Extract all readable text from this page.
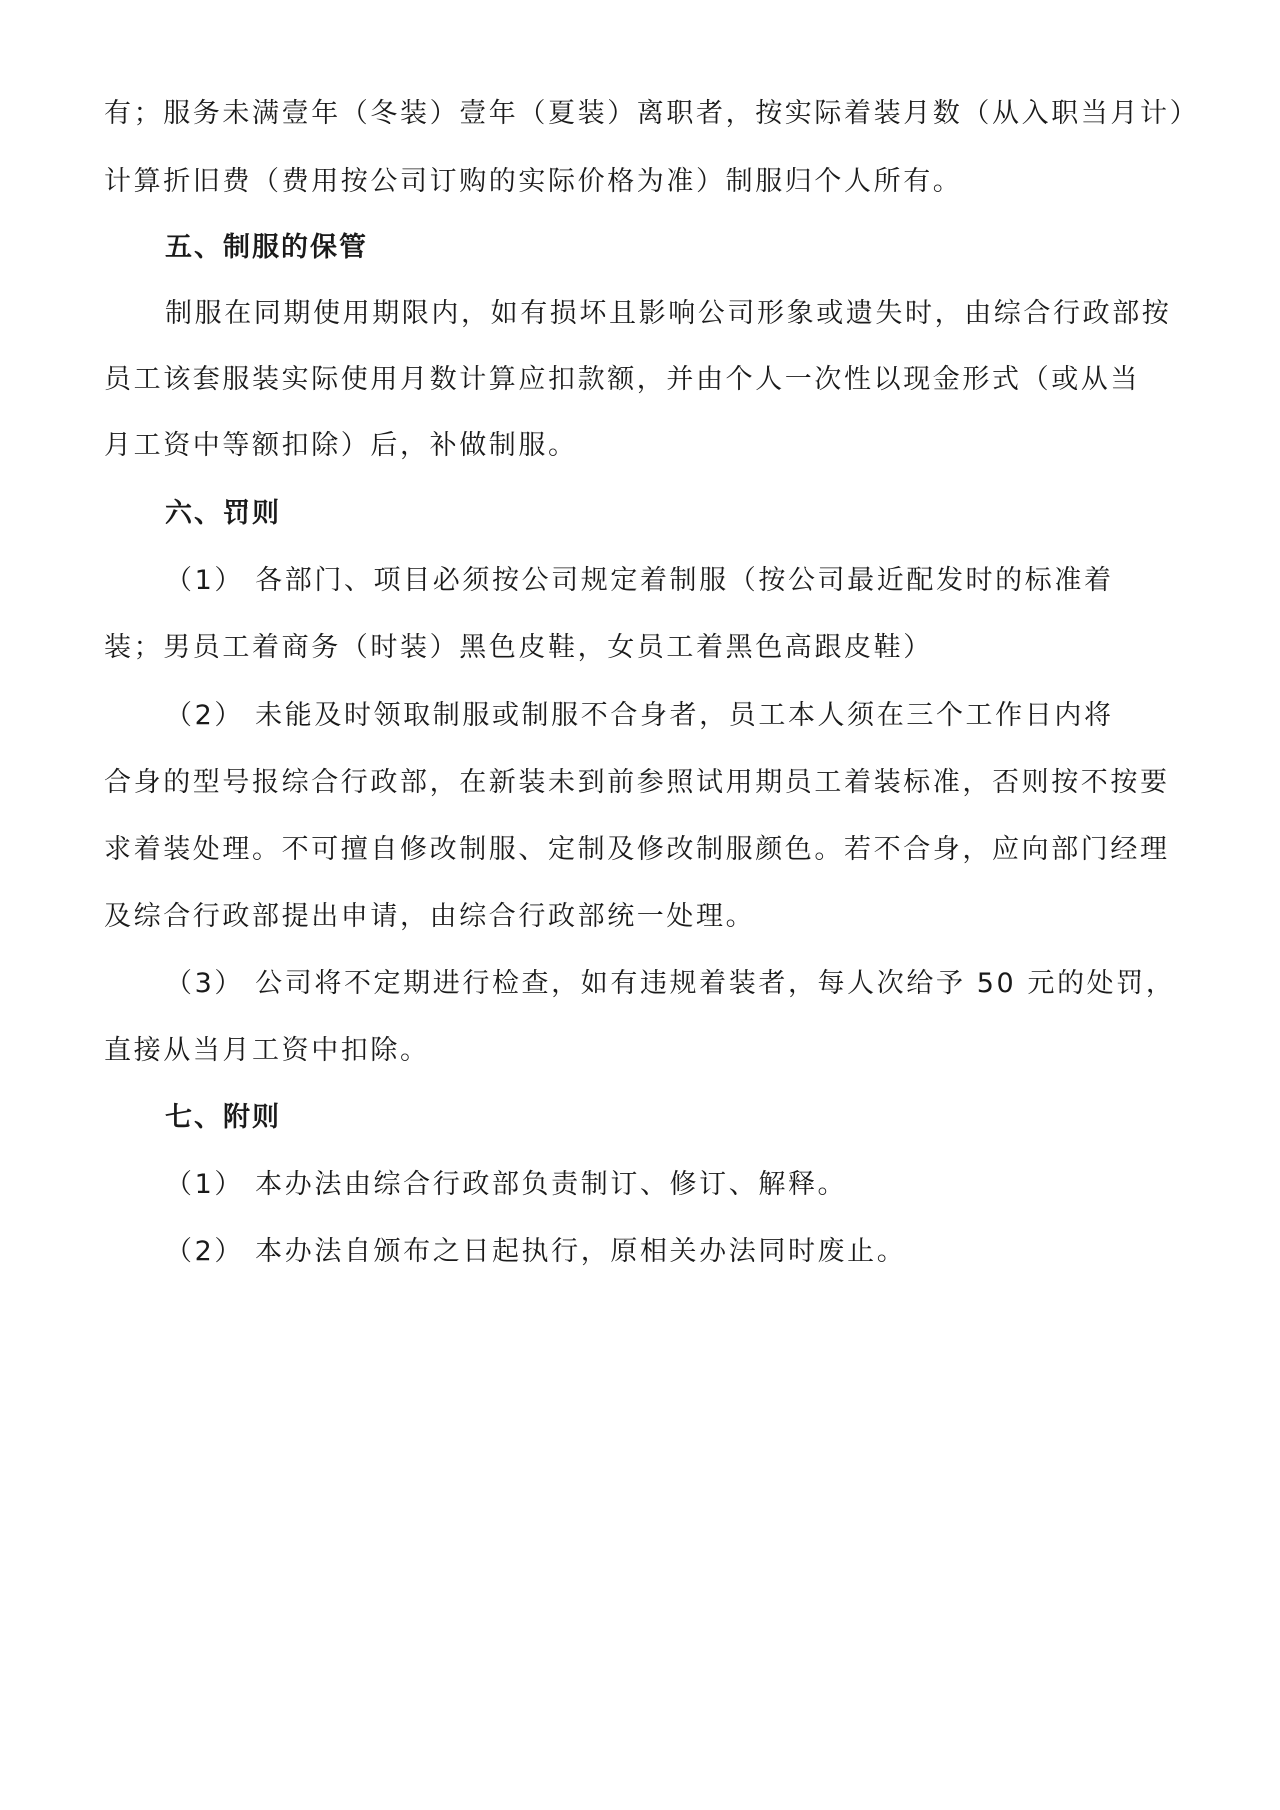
有；服务未满壹年（冬装）壹年（夏装）离职者，按实际着装月数（从入职当月计）
计算折旧费（费用按公司订购的实际价格为准）制服归个人所有。
五、制服的保管
制服在同期使用期限内，如有损坏且影响公司形象或遗失时，由综合行政部按
员工该套服装实际使用月数计算应扣款额，并由个人一次性以现金形式（或从当
月工资中等额扣除）后，补做制服。
六、罚则
（1） 各部门、项目必须按公司规定着制服（按公司最近配发时的标准着
装；男员工着商务（时装）黑色皮鞋，女员工着黑色高跟皮鞋）
（2） 未能及时领取制服或制服不合身者，员工本人须在三个工作日内将
合身的型号报综合行政部，在新装未到前参照试用期员工着装标准，否则按不按要
求着装处理。不可擅自修改制服、定制及修改制服颜色。若不合身，应向部门经理
及综合行政部提出申请，由综合行政部统一处理。
（3） 公司将不定期进行检查，如有违规着装者，每人次给予 50 元的处罚，
直接从当月工资中扣除。
七、附则
（1） 本办法由综合行政部负责制订、修订、解释。
（2） 本办法自颁布之日起执行，原相关办法同时废止。
